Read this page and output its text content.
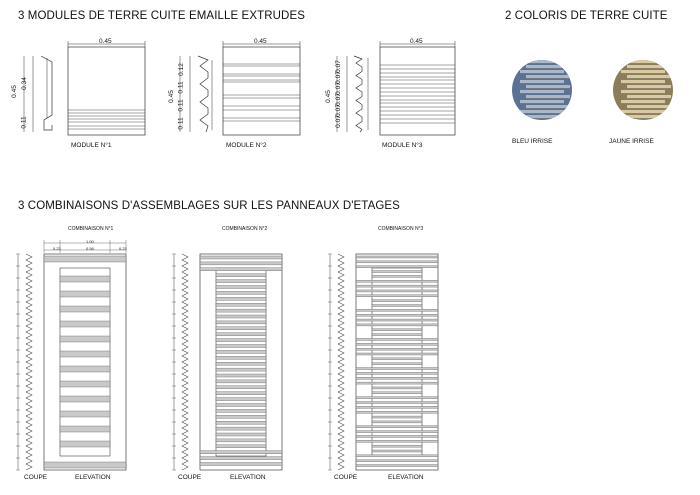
3 MODULES DE TERRE CUITE EMAILLE EXTRUDES	2 COLORIS DE TERRE CUITE
3 COMBINAISONS D'ASSEMBLAGES SUR LES PANNEAUX D'ETAGES
MODULE N°1	MODULE N°2	MODULE N°3
0.45	0.45	0.45
0.45
0.34
0.11
0.45
0.12
0.11
0.11
0.11
0.45
0.07
0.07
0.07
0.07
0.07
0.07
BLEU IRRISE	JAUNE IRRISE
COMBINAISON N°1	COMBINAISON N°2	COMBINAISON N°3
1.00
0.23	0.58	0.23
COUPE	ELEVATION	COUPE	ELEVATION	COUPE	ELEVATION
